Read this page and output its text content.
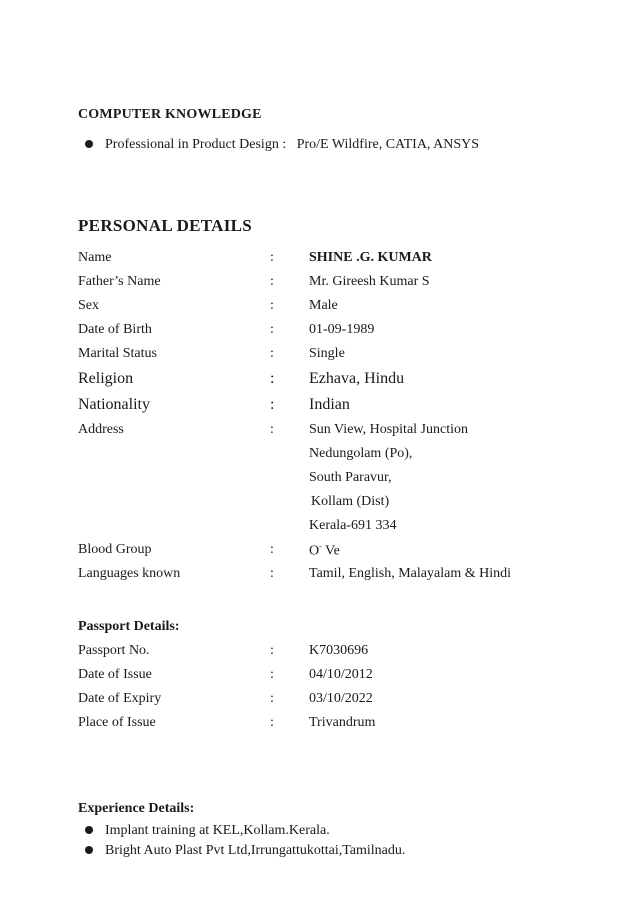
COMPUTER KNOWLEDGE
Professional in Product Design : Pro/E Wildfire, CATIA, ANSYS
PERSONAL DETAILS
Name	:	SHINE .G. KUMAR
Father’s Name	:	Mr. Gireesh Kumar S
Sex	:	Male
Date of Birth	:	01-09-1989
Marital Status	:	Single
Religion	: Ezhava, Hindu
Nationality	: Indian
Address	:	Sun View, Hospital Junction
Nedungolam (Po),
South Paravur,
Kollam (Dist)
Kerala-691 334
Blood Group	:	O- Ve
Languages known	:	Tamil, English, Malayalam & Hindi
Passport Details:
Passport No.	:	K7030696
Date of Issue	:	04/10/2012
Date of Expiry	:	03/10/2022
Place of Issue	:	Trivandrum
Experience Details:
Implant training at KEL,Kollam.Kerala.
Bright Auto Plast Pvt Ltd,Irrungattukottai,Tamilnadu.
